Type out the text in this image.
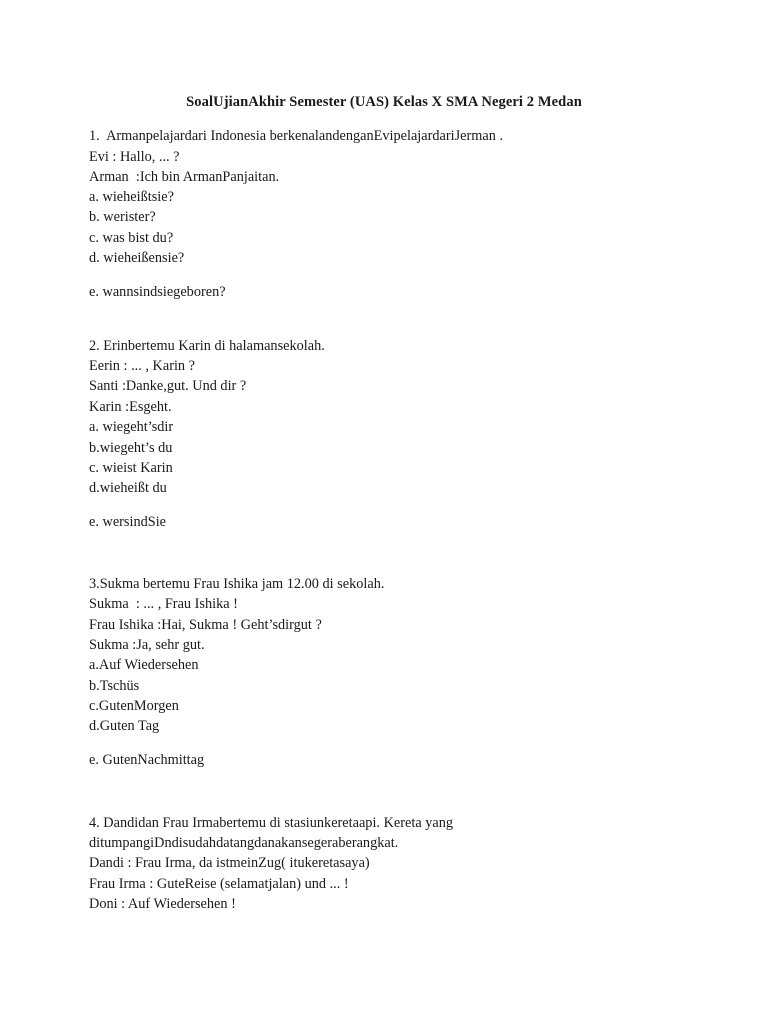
SoalUjianAkhir Semester (UAS) Kelas X SMA Negeri 2 Medan
1.  Armanpelajardari Indonesia berkenalandenganEvipelajardariJerman .
Evi : Hallo, ... ?
Arman  :Ich bin ArmanPanjaitan.
a. wieheißtsie?
b. werister?
c. was bist du?
d. wieheißensie?
e. wannsindsiegeboren?
2. Erinbertemu Karin di halamansekolah.
Eerin : ... , Karin ?
Santi :Danke,gut. Und dir ?
Karin :Esgeht.
a. wiegeht’sdir
b.wiegeht’s du
c. wieist Karin
d.wieheißt du
e. wersindSie
3.Sukma bertemu Frau Ishika jam 12.00 di sekolah.
Sukma  : ... , Frau Ishika !
Frau Ishika :Hai, Sukma ! Geht’sdirgut ?
Sukma :Ja, sehr gut.
a.Auf Wiedersehen
b.Tschüs
c.GutenMorgen
d.Guten Tag
e. GutenNachmittag
4. Dandidan Frau Irmabertemu di stasiunkeretaapi. Kereta yang
ditumpangiDndisudahdatangdanakansegeraberangkat.
Dandi : Frau Irma, da istmeinZug( itukeretasaya)
Frau Irma : GuteReise (selamatjalan) und ... !
Doni : Auf Wiedersehen !
